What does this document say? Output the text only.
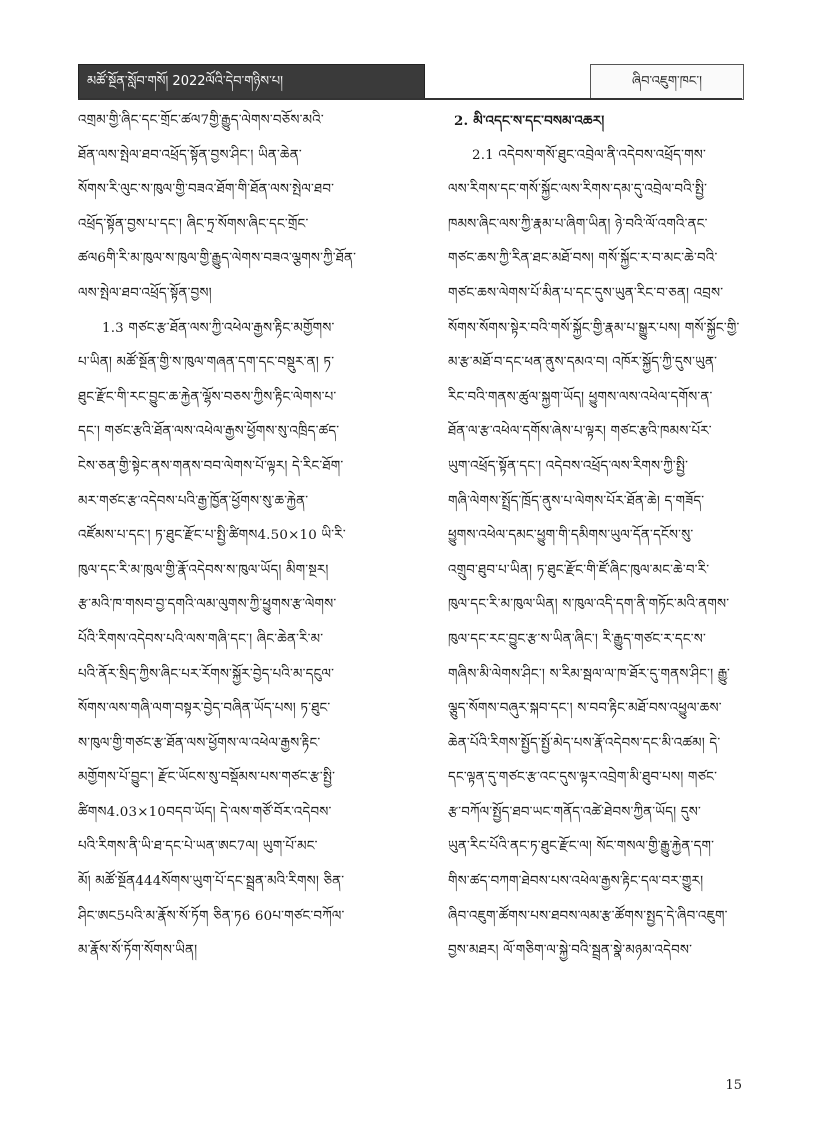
མཚོ་སྔོན་སློབ་གསོ། 2022ལོའི་དེབ་གཉིས་པ།	ཞིབ་འཇུག་ཁང་།
འགྲམ་གྱི་ཞིང་དང་གྲོང་ཚལ7གྱི་རྒྱུད་ལེགས་བཅོས་མའི་
ཐོན་ལས་སྤེལ་ཐབ་འཕྲོད་སྟོན་བྱས་ཤིང་། ཡིན་ཆེན་
སོགས་རི་ལུང་ས་ཁུལ་གྱི་བཟའ་ཐོག་གི་ཐོན་ལས་སྤེལ་ཐབ་
འཕྲོད་སྟོན་བྱས་པ་དང་། ཞིང་ཏྲ་སོགས་ཞིང་དང་གྲོང་
ཚལ6གི་རི་མ་ཁུལ་ས་ཁུལ་གྱི་རྒྱུད་ལེགས་བཟའ་ལྕགས་ཀྱི་ཐོན་
ལས་སྤེལ་ཐབ་འཕྲོད་སྟོན་བྱས།
1.3 གཙང་རྩ་ཐོན་ལས་ཀྱི་འཕེལ་རྒྱས་རྟིང་མགྱོགས་
པ་ཡིན། མཚོ་སྔོན་གྱི་ས་ཁུལ་གཞན་དག་དང་བསྡུར་ན། ཏ་
ཐུང་རྫོང་གི་རང་བྱུང་ཆ་རྐྱེན་ལྷོས་བཅས་ཀྱིས་རྟིང་ལེགས་པ་
དང་། གཙང་རྩའི་ཐོན་ལས་འཕེལ་རྒྱས་ཕྱོགས་སུ་འཁྲིད་ཚད་
ངེས་ཅན་གྱི་སྟེང་ནས་གནས་བབ་ལེགས་པོ་ལྟར། དེ་རིང་ཐོག་
མར་གཙང་རྩ་འདེབས་པའི་རྒྱ་ཁྱོན་ཕྱོགས་སུ་ཆ་རྐྱེན་
འཛོམས་པ་དང་། ཏ་ཐུང་རྫོང་པ་སྤྱི་ཚིགས4.50×10 ཡི་རི་
ཁུལ་དང་རི་མ་ཁུལ་གྱི་རྣོ་འདེབས་ས་ཁུལ་ཡོད། མིག་སྔར།
རྩ་མའི་ཁ་གསབ་བྱ་དགའི་ལམ་ལུགས་ཀྱི་ཕྱུགས་རྩ་ལེགས་
པོའི་རིགས་འདེབས་པའི་ལས་གཞི་དང་། ཞིང་ཆེན་རི་མ་
པའི་ནོར་སྲིད་ཀྱིས་ཞིང་པར་རོགས་སྐྱོར་བྱེད་པའི་མ་དངུལ་
སོགས་ལས་གཞི་ལག་བསྟར་བྱེད་བཞིན་ཡོད་པས། ཏ་ཐུང་
ས་ཁུལ་གྱི་གཙང་རྩ་ཐོན་ལས་ཕྱོགས་ལ་འཕེལ་རྒྱས་རྟིང་
མགྱོགས་པོ་བྱུང་། རྫོང་ཡོངས་སུ་བསྡོམས་པས་གཙང་རྩ་སྤྱི་
ཚིགས4.03×10བདབ་ཡོད། དེ་ལས་གཙོ་བོར་འདེབས་
པའི་རིགས་ནི་ཡི་ཐ་དང་པེ་ཡན་ཨང7ལ། ཡུག་པོ་མང་
མོ། མཚོ་སྔོན444སོགས་ཡུག་པོ་དང་སྦྲན་མའི་རིགས། ཅིན་
ཤིང་ཨང5པའི་མ་རྣོས་སོ་ཏོག ཅིན་ཏ6 60པ་གཙང་བཀོལ་
མ་རྣོས་སོ་ཏོག་སོགས་ཡིན།
2. མི་འདང་ས་དང་བསམ་འཆར།
2.1 འདེབས་གསོ་ཐུང་འབྲེལ་ནི་འདེབས་འཕྲོད་གས་
ལས་རིགས་དང་གསོ་སྐྱོང་ལས་རིགས་དམ་དུ་འབྲེལ་བའི་སྤྱི་
ཁམས་ཞིང་ལས་ཀྱི་རྣམ་པ་ཞིག་ཡིན། ཉེ་བའི་ལོ་འགའི་ནང་
གཙང་ཆས་ཀྱི་རིན་ཐང་མཐོ་བས། གསོ་སྐྱོང་ར་བ་མང་ཆེ་བའི་
གཙང་ཆས་ལེགས་པོ་མིན་པ་དང་དུས་ཡུན་རིང་བ་ཅན། འབྲས་
སོགས་སོགས་སྟེར་བའི་གསོ་སྐྱོང་གྱི་རྣམ་པ་སྒྱུར་པས། གསོ་སྐྱོང་གྱི་
མ་རྩ་མཐོ་བ་དང་ཕན་ནུས་དམའ་བ། འཁོར་སྐྱོད་ཀྱི་དུས་ཡུན་
རིང་བའི་གནས་ཚུལ་སྐྱག་ཡོད། ཕྱུགས་ལས་འཕེལ་དགོས་ན་
ཐོན་ལ་རྩ་འཕེལ་དགོས་ཞེས་པ་ལྟར། གཙང་རྩའི་ཁམས་པོར་
ཡུག་འཕྲོད་སྟོན་དང་། འདེབས་འཕྲོད་ལས་རིགས་ཀྱི་སྤྱི་
གཞི་ལེགས་སྤྲོད་ཁྲོད་ནུས་པ་ལེགས་པོར་ཐོན་ཆེ། ད་གཟོད་
ཕྱུགས་འཕེལ་དམང་ཕྱུག་གི་དམིགས་ཡུལ་དོན་དངོས་སུ་
འགྲུབ་ཐུབ་པ་ཡིན། ཏ་ཐུང་རྫོང་གི་ཛོ་ཞིང་ཁུལ་མང་ཆེ་བ་རི་
ཁུལ་དང་རི་མ་ཁུལ་ཡིན། ས་ཁུལ་འདི་དག་ནི་གཏོང་མའི་ནགས་
ཁུལ་དང་རང་བྱུང་རྩ་ས་ཡིན་ཞིང་། རི་རྒྱུད་གཙང་ར་དང་ས་
གཞིས་མི་ལེགས་ཤིང་། ས་རིམ་སྦལ་ལ་ཁ་ཐོར་དུ་གནས་ཤིང་། རྒྱུ་
ལྕུད་སོགས་བཞུར་སྐབ་དང་། ས་བབ་རྟིང་མཐོ་བས་འཕྱུལ་ཆས་
ཆེན་པོའི་རིགས་སྤྱོད་སྤྱོ་མེད་པས་རྣོ་འདེབས་དང་མི་འཚམ། དེ་
དང་ལྟན་དུ་གཙང་རྩ་འང་དུས་ལྟར་འབྲེག་མི་ཐུབ་པས། གཙང་
རྩ་བཀོལ་སྤྱོད་ཐབ་ཡང་གནོད་འཚེ་ཐེབས་ཀྱིན་ཡོད། དུས་
ཡུན་རིང་པོའི་ནང་ཏ་ཐུང་རྫོང་ལ། སོང་གསལ་གྱི་རྒྱུ་རྐྱེན་དག་
གིས་ཚད་བཀག་ཐེབས་པས་འཕེལ་རྒྱས་རྟིང་དལ་བར་གྱུར།
ཞིབ་འཇུག་ཚོགས་པས་ཐབས་ལམ་རྩ་ཚོགས་སྤྱད་དེ་ཞིབ་འཇུག་
བྱས་མཐར། ལོ་གཅིག་ལ་སྐྱེ་བའི་སྦྲན་སྣེ་མཉམ་འདེབས་
15
